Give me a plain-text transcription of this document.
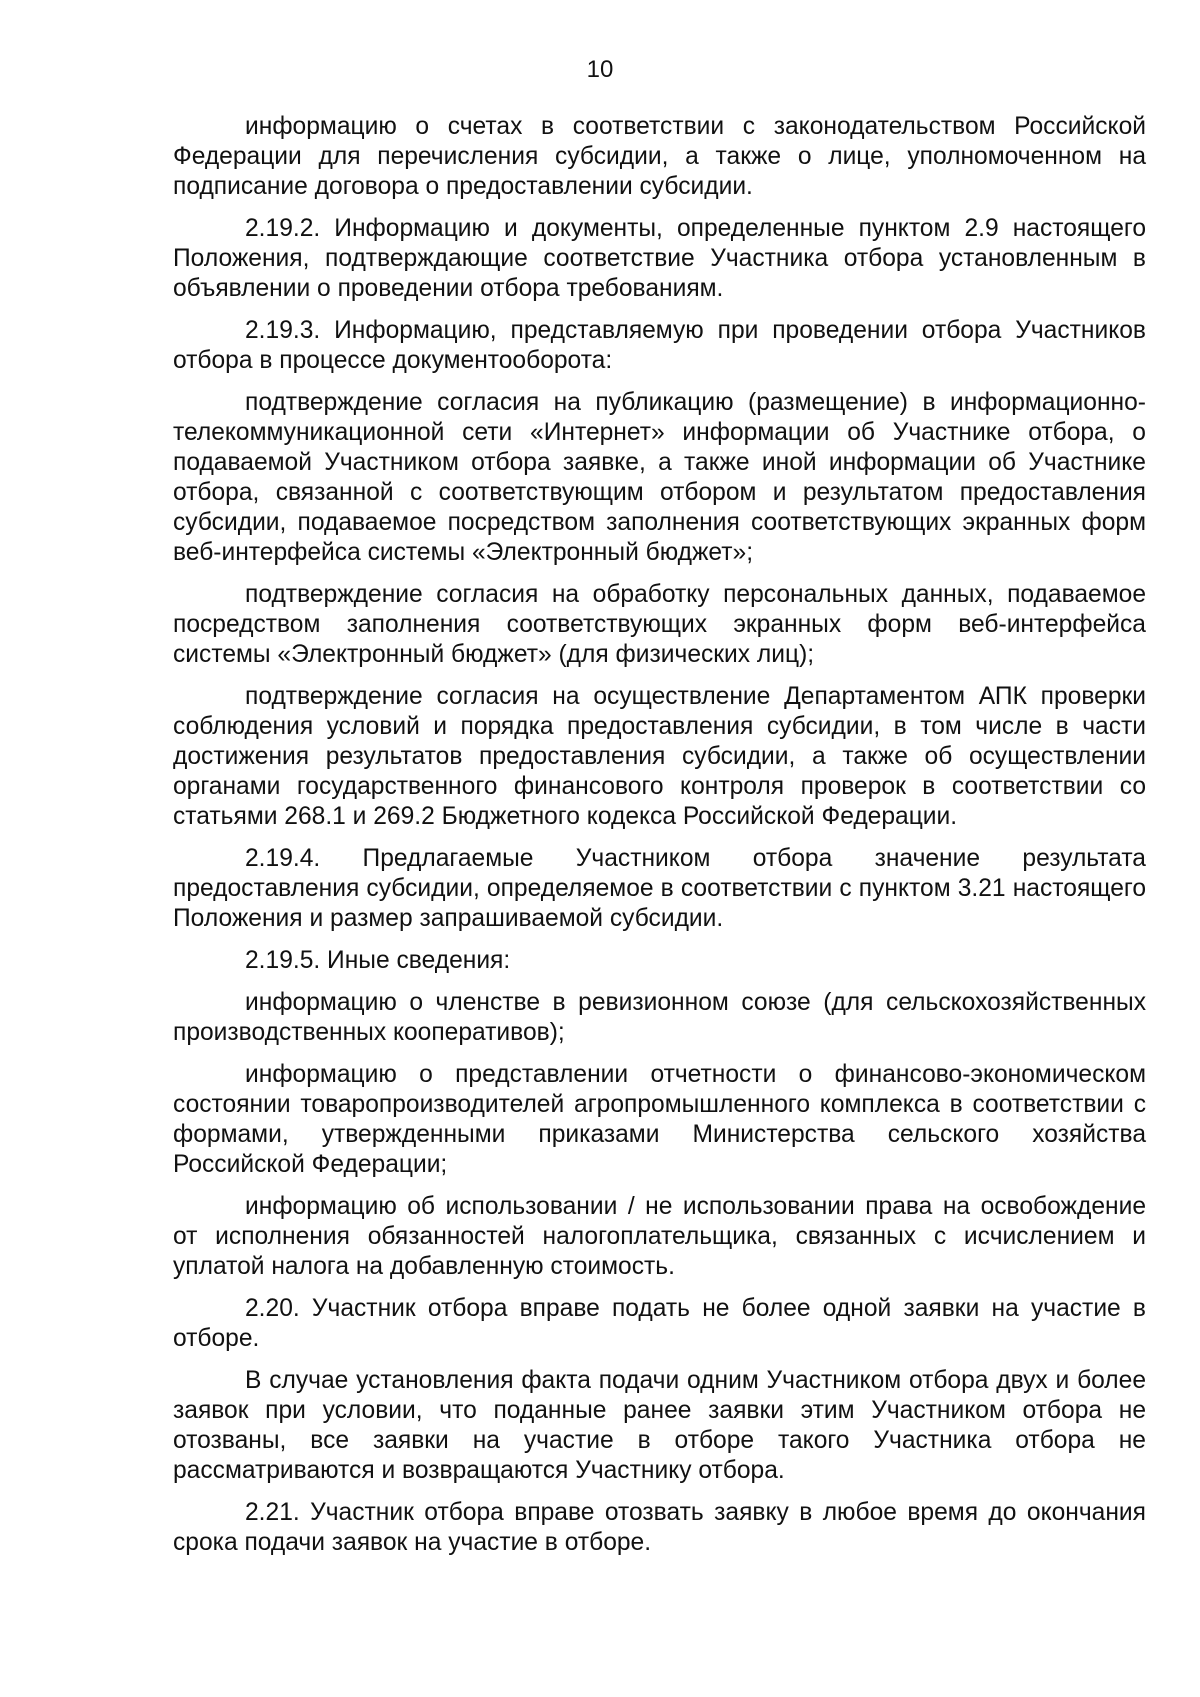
10

информацию о счетах в соответствии с законодательством Российской Федерации для перечисления субсидии, а также о лице, уполномоченном на подписание договора о предоставлении субсидии.

2.19.2. Информацию и документы, определенные пунктом 2.9 настоящего Положения, подтверждающие соответствие Участника отбора установленным в объявлении о проведении отбора требованиям.

2.19.3. Информацию, представляемую при проведении отбора Участников отбора в процессе документооборота:

подтверждение согласия на публикацию (размещение) в информационно-телекоммуникационной сети «Интернет» информации об Участнике отбора, о подаваемой Участником отбора заявке, а также иной информации об Участнике отбора, связанной с соответствующим отбором и результатом предоставления субсидии, подаваемое посредством заполнения соответствующих экранных форм веб-интерфейса системы «Электронный бюджет»;

подтверждение согласия на обработку персональных данных, подаваемое посредством заполнения соответствующих экранных форм веб-интерфейса системы «Электронный бюджет» (для физических лиц);

подтверждение согласия на осуществление Департаментом АПК проверки соблюдения условий и порядка предоставления субсидии, в том числе в части достижения результатов предоставления субсидии, а также об осуществлении органами государственного финансового контроля проверок в соответствии со статьями 268.1 и 269.2 Бюджетного кодекса Российской Федерации.

2.19.4. Предлагаемые Участником отбора значение результата предоставления субсидии, определяемое в соответствии с пунктом 3.21 настоящего Положения и размер запрашиваемой субсидии.

2.19.5. Иные сведения:

информацию о членстве в ревизионном союзе (для сельскохозяйственных производственных кооперативов);

информацию о представлении отчетности о финансово-экономическом состоянии товаропроизводителей агропромышленного комплекса в соответствии с формами, утвержденными приказами Министерства сельского хозяйства Российской Федерации;

информацию об использовании / не использовании права на освобождение от исполнения обязанностей налогоплательщика, связанных с исчислением и уплатой налога на добавленную стоимость.

2.20. Участник отбора вправе подать не более одной заявки на участие в отборе.

В случае установления факта подачи одним Участником отбора двух и более заявок при условии, что поданные ранее заявки этим Участником отбора не отозваны, все заявки на участие в отборе такого Участника отбора не рассматриваются и возвращаются Участнику отбора.

2.21. Участник отбора вправе отозвать заявку в любое время до окончания срока подачи заявок на участие в отборе.
